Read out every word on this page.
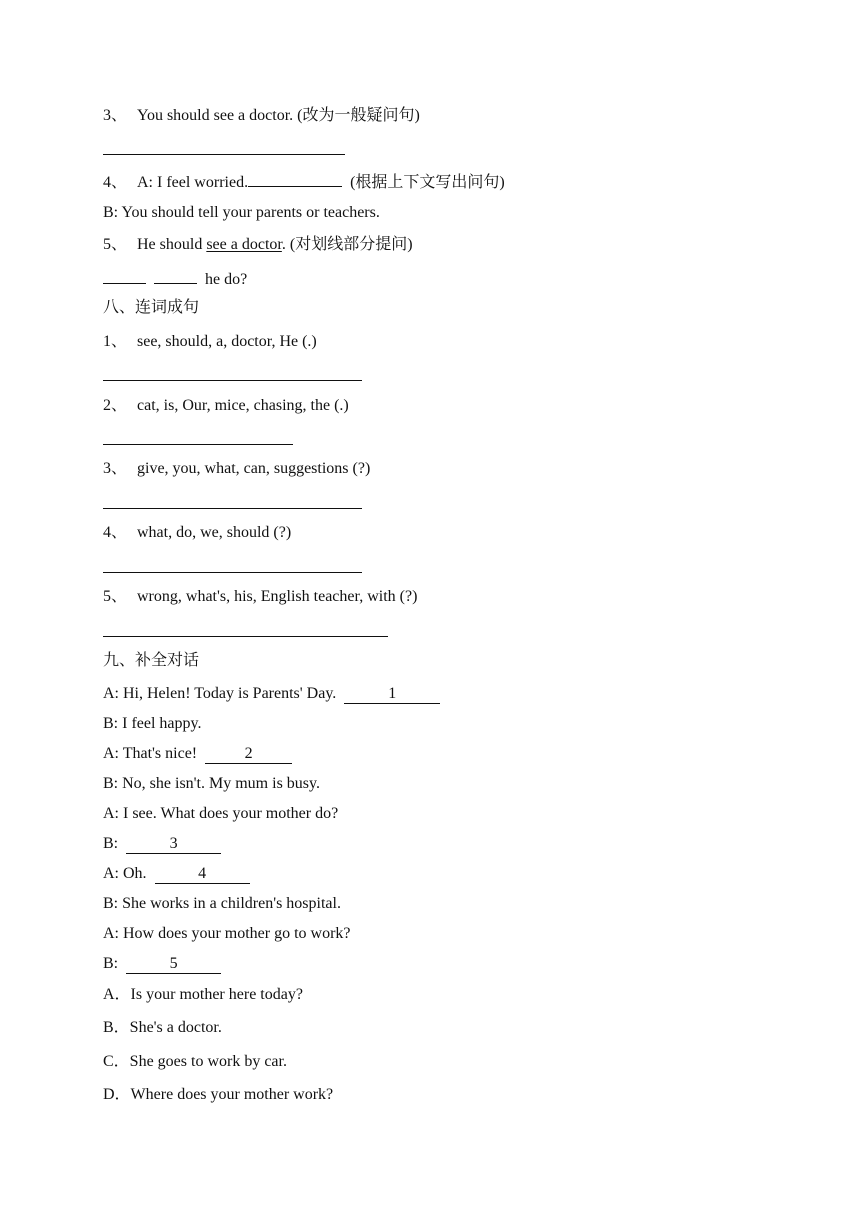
3、 You should see a doctor. (改为一般疑问句)
4、 A: I feel worried.	(根据上下文写出问句)
B: You should tell your parents or teachers.
5、 He should see a doctor. (对划线部分提问)
he do?
八、连词成句
1、 see, should, a, doctor, He (.)
2、 cat, is, Our, mice, chasing, the (.)
3、 give, you, what, can, suggestions (?)
4、 what, do, we, should (?)
5、 wrong, what's, his, English teacher, with (?)
九、补全对话
A: Hi, Helen! Today is Parents' Day.	1
B: I feel happy.
A: That's nice!	2
B: No, she isn't. My mum is busy.
A: I see. What does your mother do?
B:	3
A: Oh.	4
B: She works in a children's hospital.
A: How does your mother go to work?
B:	5
A．Is your mother here today?
B．She's a doctor.
C．She goes to work by car.
D．Where does your mother work?
